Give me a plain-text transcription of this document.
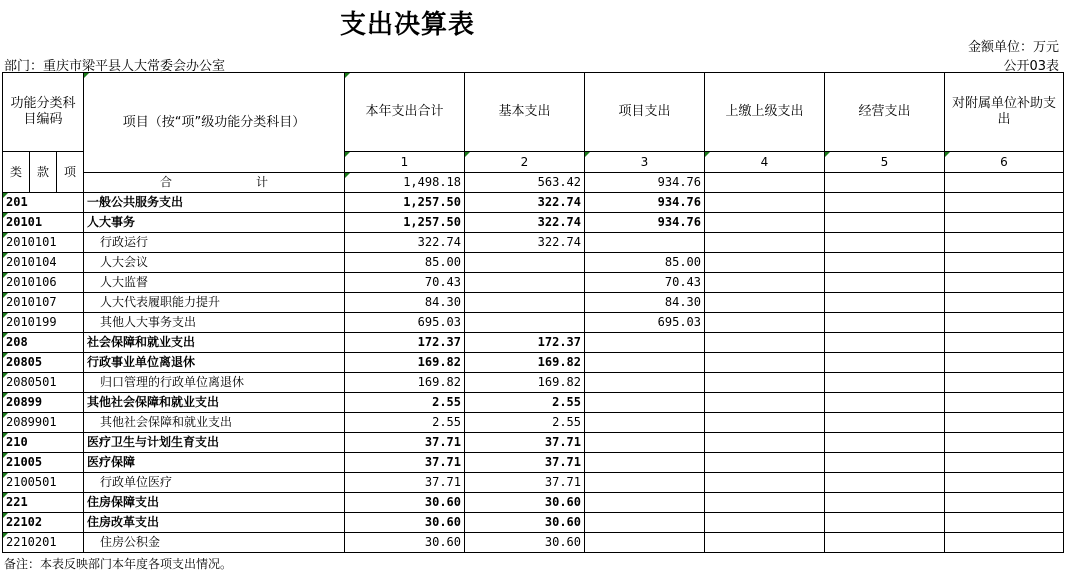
支出决算表
金额单位：万元
部门：重庆市梁平县人大常委会办公室	公开03表
功能分类科目编码			项目（按“项”级功能分类科目）	本年支出合计	基本支出	项目支出	上缴上级支出	经营支出	对附属单位补助支出
类	款	项		1	2	3	4	5	6
			合　　　　　　　计	1,498.18	563.42	934.76			
201			一般公共服务支出	1,257.50	322.74	934.76			
20101			人大事务	1,257.50	322.74	934.76			
2010101			行政运行	322.74	322.74				
2010104			人大会议	85.00		85.00			
2010106			人大监督	70.43		70.43			
2010107			人大代表履职能力提升	84.30		84.30			
2010199			其他人大事务支出	695.03		695.03			
208			社会保障和就业支出	172.37	172.37				
20805			行政事业单位离退休	169.82	169.82				
2080501			归口管理的行政单位离退休	169.82	169.82				
20899			其他社会保障和就业支出	2.55	2.55				
2089901			其他社会保障和就业支出	2.55	2.55				
210			医疗卫生与计划生育支出	37.71	37.71				
21005			医疗保障	37.71	37.71				
2100501			行政单位医疗	37.71	37.71				
221			住房保障支出	30.60	30.60				
22102			住房改革支出	30.60	30.60				
2210201			住房公积金	30.60	30.60				
备注：本表反映部门本年度各项支出情况。
